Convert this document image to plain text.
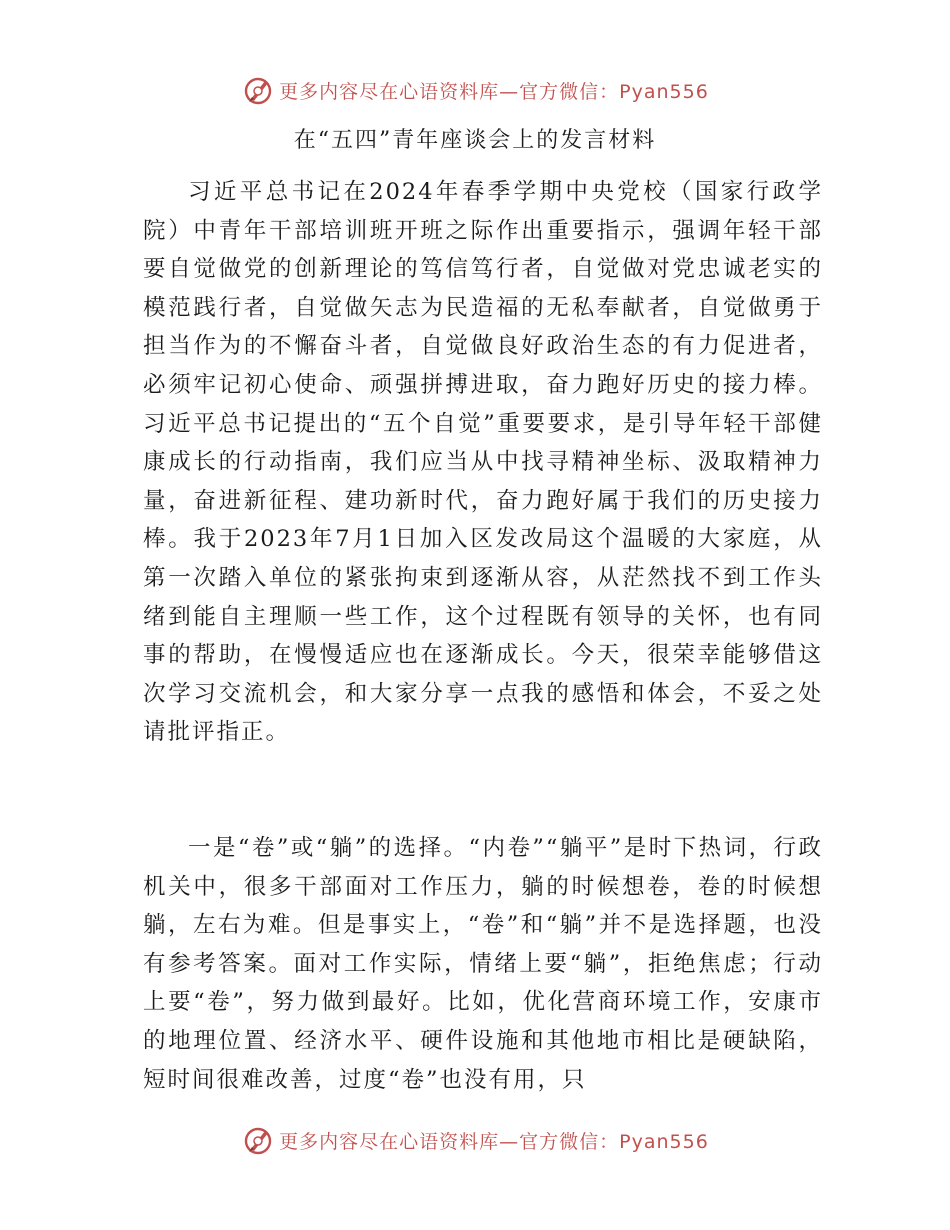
更多内容尽在心语资料库—官方微信：Pyan556
在“五四”青年座谈会上的发言材料

习近平总书记在2024年春季学期中央党校（国家行政学院）中青年干部培训班开班之际作出重要指示，强调年轻干部要自觉做党的创新理论的笃信笃行者，自觉做对党忠诚老实的模范践行者，自觉做矢志为民造福的无私奉献者，自觉做勇于担当作为的不懈奋斗者，自觉做良好政治生态的有力促进者，必须牢记初心使命、顽强拼搏进取，奋力跑好历史的接力棒。习近平总书记提出的“五个自觉”重要要求，是引导年轻干部健康成长的行动指南，我们应当从中找寻精神坐标、汲取精神力量，奋进新征程、建功新时代，奋力跑好属于我们的历史接力棒。我于2023年7月1日加入区发改局这个温暖的大家庭，从第一次踏入单位的紧张拘束到逐渐从容，从茫然找不到工作头绪到能自主理顺一些工作，这个过程既有领导的关怀，也有同事的帮助，在慢慢适应也在逐渐成长。今天，很荣幸能够借这次学习交流机会，和大家分享一点我的感悟和体会，不妥之处请批评指正。

一是“卷”或“躺”的选择。“内卷”“躺平”是时下热词，行政机关中，很多干部面对工作压力，躺的时候想卷，卷的时候想躺，左右为难。但是事实上，“卷”和“躺”并不是选择题，也没有参考答案。面对工作实际，情绪上要“躺”，拒绝焦虑；行动上要“卷”，努力做到最好。比如，优化营商环境工作，安康市的地理位置、经济水平、硬件设施和其他地市相比是硬缺陷，短时间很难改善，过度“卷”也没有用，只

更多内容尽在心语资料库—官方微信：Pyan556
